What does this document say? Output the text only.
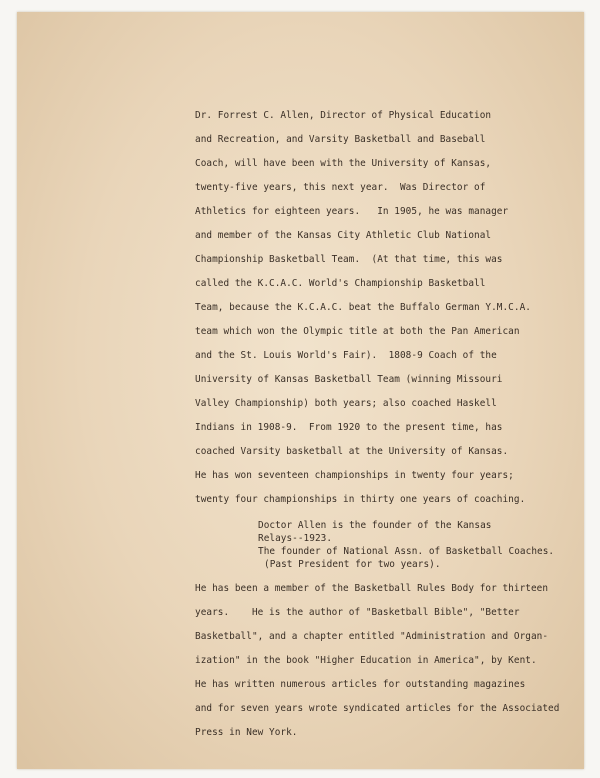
Dr. Forrest C. Allen, Director of Physical Education

and Recreation, and Varsity Basketball and Baseball

Coach, will have been with the University of Kansas,

twenty-five years, this next year.  Was Director of

Athletics for eighteen years.   In 1905, he was manager

and member of the Kansas City Athletic Club National

Championship Basketball Team.  (At that time, this was

called the K.C.A.C. World's Championship Basketball

Team, because the K.C.A.C. beat the Buffalo German Y.M.C.A.

team which won the Olympic title at both the Pan American

and the St. Louis World's Fair).  1808-9 Coach of the

University of Kansas Basketball Team (winning Missouri

Valley Championship) both years; also coached Haskell

Indians in 1908-9.  From 1920 to the present time, has

coached Varsity basketball at the University of Kansas.

He has won seventeen championships in twenty four years;

twenty four championships in thirty one years of coaching.

Doctor Allen is the founder of the Kansas

Relays--1923.

The founder of National Assn. of Basketball Coaches.

(Past President for two years).

He has been a member of the Basketball Rules Body for thirteen

years.    He is the author of "Basketball Bible", "Better

Basketball", and a chapter entitled "Administration and Organ-

ization" in the book "Higher Education in America", by Kent.

He has written numerous articles for outstanding magazines

and for seven years wrote syndicated articles for the Associated

Press in New York.
